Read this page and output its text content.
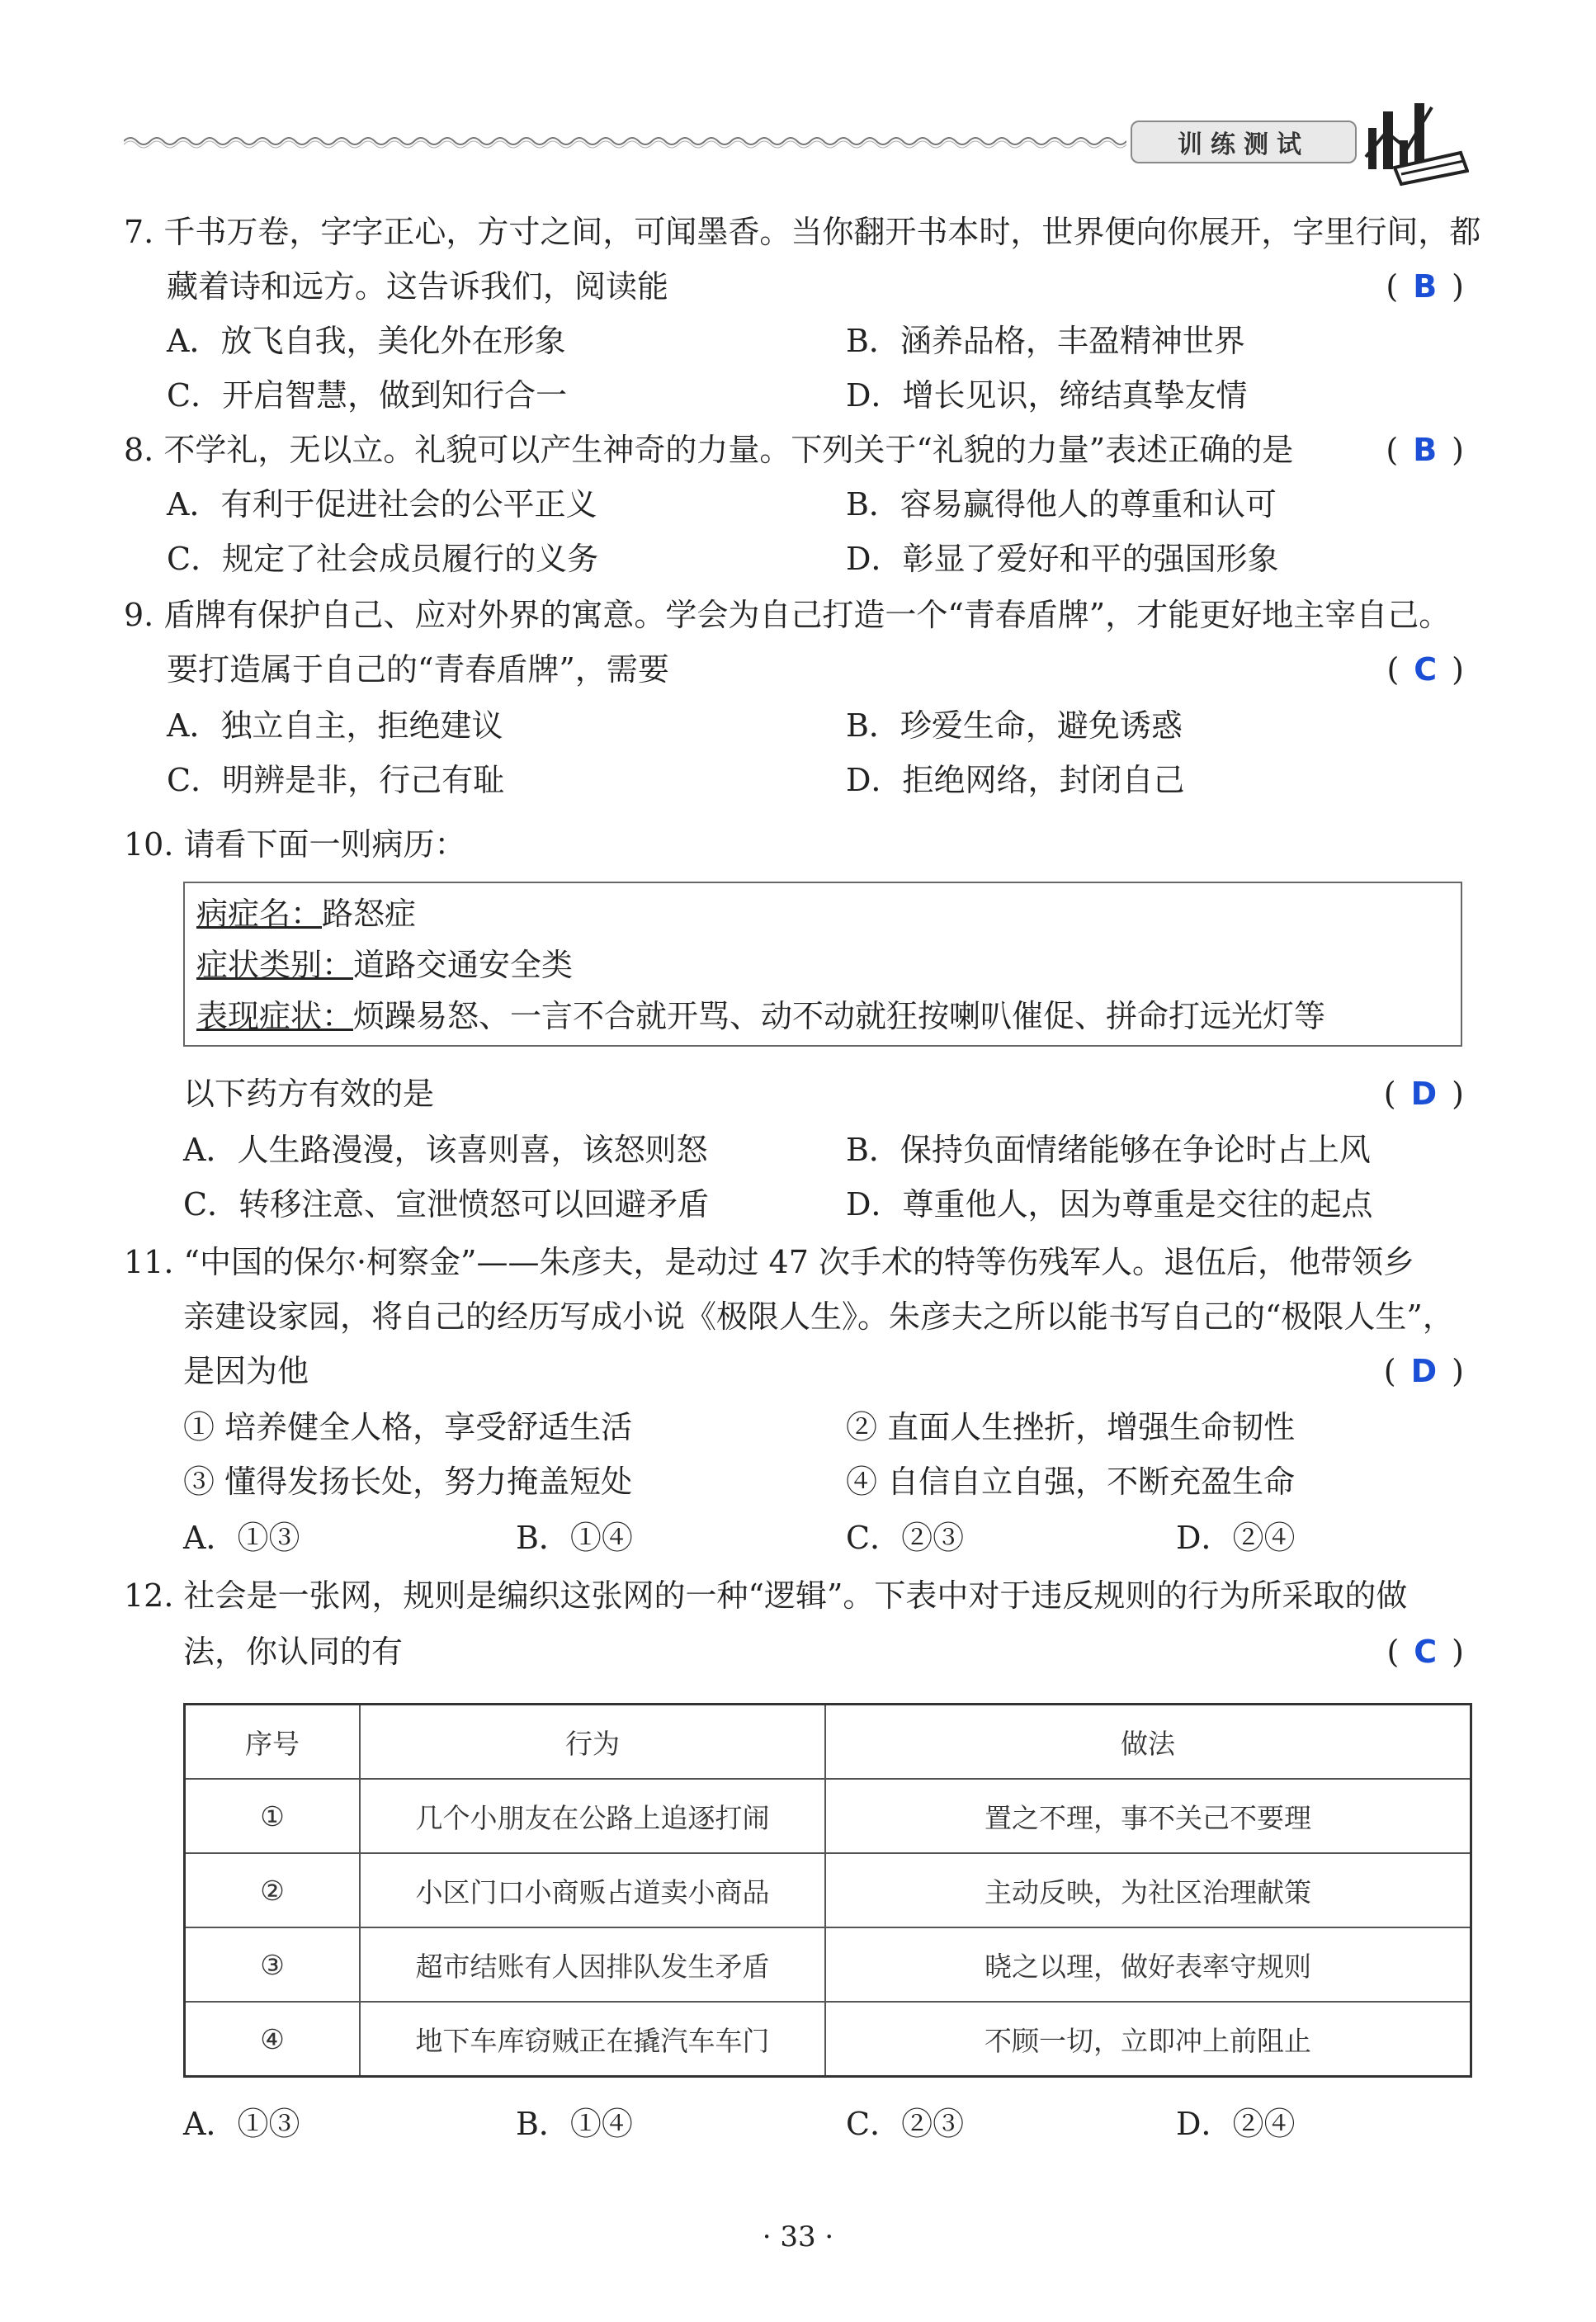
训练测试
7. 千书万卷，字字正心，方寸之间，可闻墨香。当你翻开书本时，世界便向你展开，字里行间，都
藏着诗和远方。这告诉我们，阅读能	( B )
A．放飞自我，美化外在形象	B．涵养品格，丰盈精神世界
C．开启智慧，做到知行合一	D．增长见识，缔结真挚友情
8. 不学礼，无以立。礼貌可以产生神奇的力量。下列关于“礼貌的力量”表述正确的是	( B )
A．有利于促进社会的公平正义	B．容易赢得他人的尊重和认可
C．规定了社会成员履行的义务	D．彰显了爱好和平的强国形象
9. 盾牌有保护自己、应对外界的寓意。学会为自己打造一个“青春盾牌”，才能更好地主宰自己。
要打造属于自己的“青春盾牌”，需要	( C )
A．独立自主，拒绝建议	B．珍爱生命，避免诱惑
C．明辨是非，行己有耻	D．拒绝网络，封闭自己
10. 请看下面一则病历：
病症名：路怒症
症状类别：道路交通安全类
表现症状：烦躁易怒、一言不合就开骂、动不动就狂按喇叭催促、拼命打远光灯等
以下药方有效的是	( D )
A．人生路漫漫，该喜则喜，该怒则怒	B．保持负面情绪能够在争论时占上风
C．转移注意、宣泄愤怒可以回避矛盾	D．尊重他人，因为尊重是交往的起点
11. “中国的保尔·柯察金”——朱彦夫，是动过 47 次手术的特等伤残军人。退伍后，他带领乡
亲建设家园，将自己的经历写成小说《极限人生》。朱彦夫之所以能书写自己的“极限人生”，
是因为他	( D )
① 培养健全人格，享受舒适生活	② 直面人生挫折，增强生命韧性
③ 懂得发扬长处，努力掩盖短处	④ 自信自立自强，不断充盈生命
A．①③	B．①④	C．②③	D．②④
12. 社会是一张网，规则是编织这张网的一种“逻辑”。下表中对于违反规则的行为所采取的做
法，你认同的有	( C )
序号	行为	做法
①	几个小朋友在公路上追逐打闹	置之不理，事不关己不要理
②	小区门口小商贩占道卖小商品	主动反映，为社区治理献策
③	超市结账有人因排队发生矛盾	晓之以理，做好表率守规则
④	地下车库窃贼正在撬汽车车门	不顾一切，立即冲上前阻止
A．①③	B．①④	C．②③	D．②④
· 33 ·
